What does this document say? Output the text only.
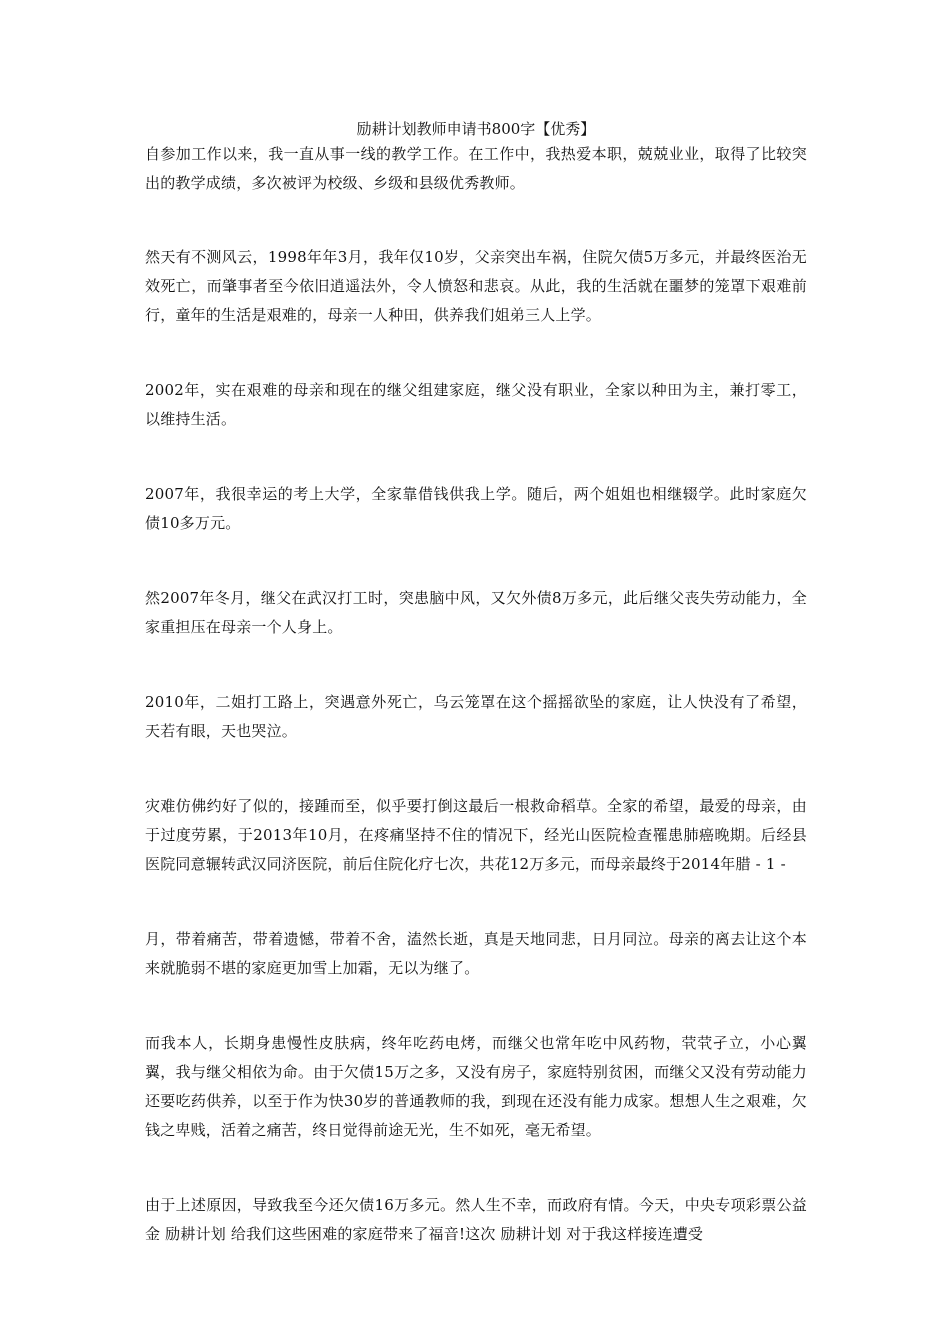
励耕计划教师申请书800字【优秀】

自参加工作以来，我一直从事一线的教学工作。在工作中，我热爱本职，兢兢业业，取得了比较突出的教学成绩，多次被评为校级、乡级和县级优秀教师。

然天有不测风云，1998年年3月，我年仅10岁，父亲突出车祸，住院欠债5万多元，并最终医治无效死亡，而肇事者至今依旧逍遥法外，令人愤怒和悲哀。从此，我的生活就在噩梦的笼罩下艰难前行，童年的生活是艰难的，母亲一人种田，供养我们姐弟三人上学。

2002年，实在艰难的母亲和现在的继父组建家庭，继父没有职业，全家以种田为主，兼打零工，以维持生活。

2007年，我很幸运的考上大学，全家靠借钱供我上学。随后，两个姐姐也相继辍学。此时家庭欠债10多万元。

然2007年冬月，继父在武汉打工时，突患脑中风，又欠外债8万多元，此后继父丧失劳动能力，全家重担压在母亲一个人身上。

2010年，二姐打工路上，突遇意外死亡，乌云笼罩在这个摇摇欲坠的家庭，让人快没有了希望，天若有眼，天也哭泣。

灾难仿佛约好了似的，接踵而至，似乎要打倒这最后一根救命稻草。全家的希望，最爱的母亲，由于过度劳累，于2013年10月，在疼痛坚持不住的情况下，经光山医院检查罹患肺癌晚期。后经县医院同意辗转武汉同济医院，前后住院化疗七次，共花12万多元，而母亲最终于2014年腊 - 1 -

月，带着痛苦，带着遗憾，带着不舍，溘然长逝，真是天地同悲，日月同泣。母亲的离去让这个本来就脆弱不堪的家庭更加雪上加霜，无以为继了。

而我本人，长期身患慢性皮肤病，终年吃药电烤，而继父也常年吃中风药物，茕茕孑立，小心翼翼，我与继父相依为命。由于欠债15万之多，又没有房子，家庭特别贫困，而继父又没有劳动能力还要吃药供养，以至于作为快30岁的普通教师的我，到现在还没有能力成家。想想人生之艰难，欠钱之卑贱，活着之痛苦，终日觉得前途无光，生不如死，毫无希望。

由于上述原因，导致我至今还欠债16万多元。然人生不幸，而政府有情。今天，中央专项彩票公益金 励耕计划 给我们这些困难的家庭带来了福音!这次 励耕计划 对于我这样接连遭受
